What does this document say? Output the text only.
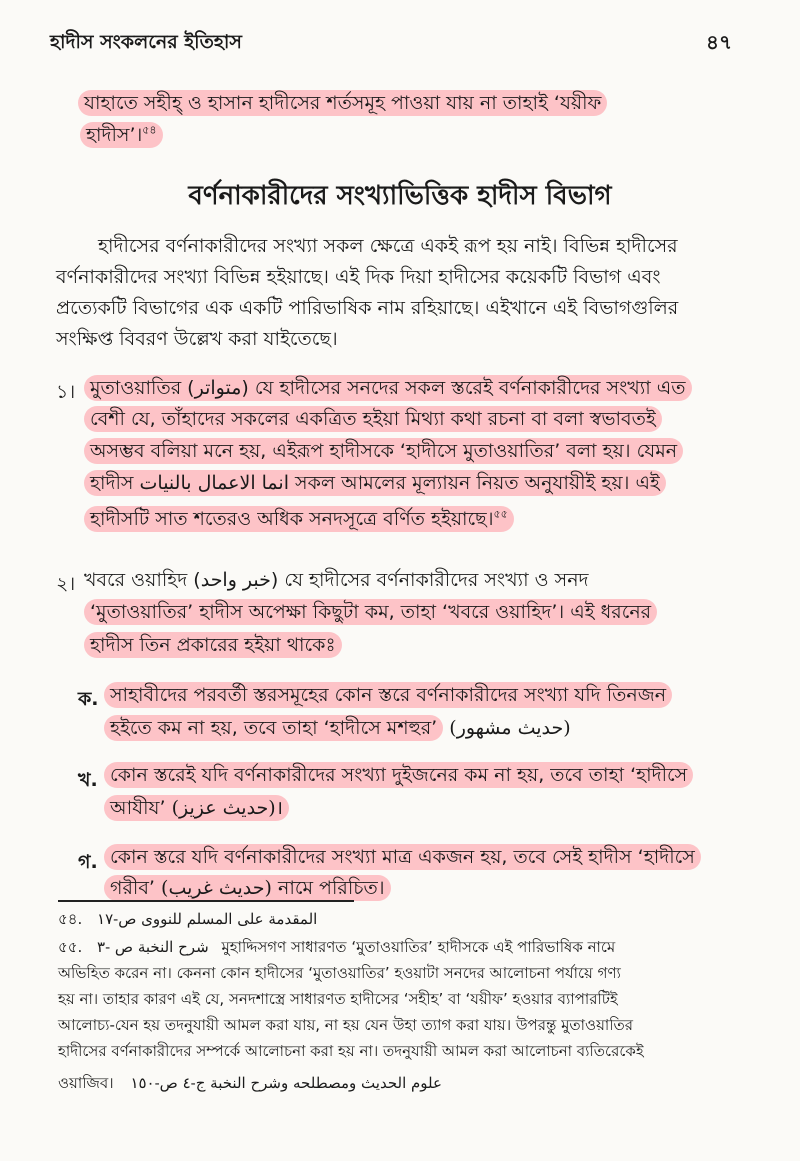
হাদীস সংকলনের ইতিহাস	৪৭
যাহাতে সহীহ্ ও হাসান হাদীসের শর্তসমূহ পাওয়া যায় না তাহাই ‘যয়ীফ
হাদীস’।$^{৫৪}$
বর্ণনাকারীদের সংখ্যাভিত্তিক হাদীস বিভাগ
হাদীসের বর্ণনাকারীদের সংখ্যা সকল ক্ষেত্রে একই রূপ হয় নাই। বিভিন্ন হাদীসের
বর্ণনাকারীদের সংখ্যা বিভিন্ন হইয়াছে। এই দিক দিয়া হাদীসের কয়েকটি বিভাগ এবং
প্রত্যেকটি বিভাগের এক একটি পারিভাষিক নাম রহিয়াছে। এইখানে এই বিভাগগুলির
সংক্ষিপ্ত বিবরণ উল্লেখ করা যাইতেছে।
১। মুতাওয়াতির (متواتر) যে হাদীসের সনদের সকল স্তরেই বর্ণনাকারীদের সংখ্যা এত
বেশী যে, তাঁহাদের সকলের একত্রিত হইয়া মিথ্যা কথা রচনা বা বলা স্বভাবতই
অসম্ভব বলিয়া মনে হয়, এইরূপ হাদীসকে ‘হাদীসে মুতাওয়াতির’ বলা হয়। যেমন
হাদীস انما الاعمال بالنيات সকল আমলের মূল্যায়ন নিয়ত অনুযায়ীই হয়। এই
হাদীসটি সাত শতেরও অধিক সনদসূত্রে বর্ণিত হইয়াছে।$^{৫৫}$
২। খবরে ওয়াহিদ (خبر واحد) যে হাদীসের বর্ণনাকারীদের সংখ্যা ও সনদ
‘মুতাওয়াতির’ হাদীস অপেক্ষা কিছুটা কম, তাহা ‘খবরে ওয়াহিদ’। এই ধরনের
হাদীস তিন প্রকারের হইয়া থাকেঃ
ক. সাহাবীদের পরবর্তী স্তরসমূহের কোন স্তরে বর্ণনাকারীদের সংখ্যা যদি তিনজন
হইতে কম না হয়, তবে তাহা ‘হাদীসে মশহুর’ (حديث مشهور)
খ. কোন স্তরেই যদি বর্ণনাকারীদের সংখ্যা দুইজনের কম না হয়, তবে তাহা ‘হাদীসে
আযীয’ (حديث عزيز)।
গ. কোন স্তরে যদি বর্ণনাকারীদের সংখ্যা মাত্র একজন হয়, তবে সেই হাদীস ‘হাদীসে
গরীব’ (حديث غريب) নামে পরিচিত।
৫৪. المقدمة على المسلم للنووى ص-١٧
৫৫. شرح النخبة ص -٣ মুহাদ্দিসগণ সাধারণত ‘মুতাওয়াতির’ হাদীসকে এই পারিভাষিক নামে
অভিহিত করেন না। কেননা কোন হাদীসের ‘মুতাওয়াতির’ হওয়াটা সনদের আলোচনা পর্যায়ে গণ্য
হয় না। তাহার কারণ এই যে, সনদশাস্ত্রে সাধারণত হাদীসের ‘সহীহ’ বা ‘যয়ীফ’ হওয়ার ব্যাপারটিই
আলোচ্য-যেন হয় তদনুযায়ী আমল করা যায়, না হয় যেন উহা ত্যাগ করা যায়। উপরন্তু মুতাওয়াতির
হাদীসের বর্ণনাকারীদের সম্পর্কে আলোচনা করা হয় না। তদনুযায়ী আমল করা আলোচনা ব্যতিরেকেই
ওয়াজিব। علوم الحديث ومصطلحه وشرح النخبة ج-٤ ص-١٥٠
